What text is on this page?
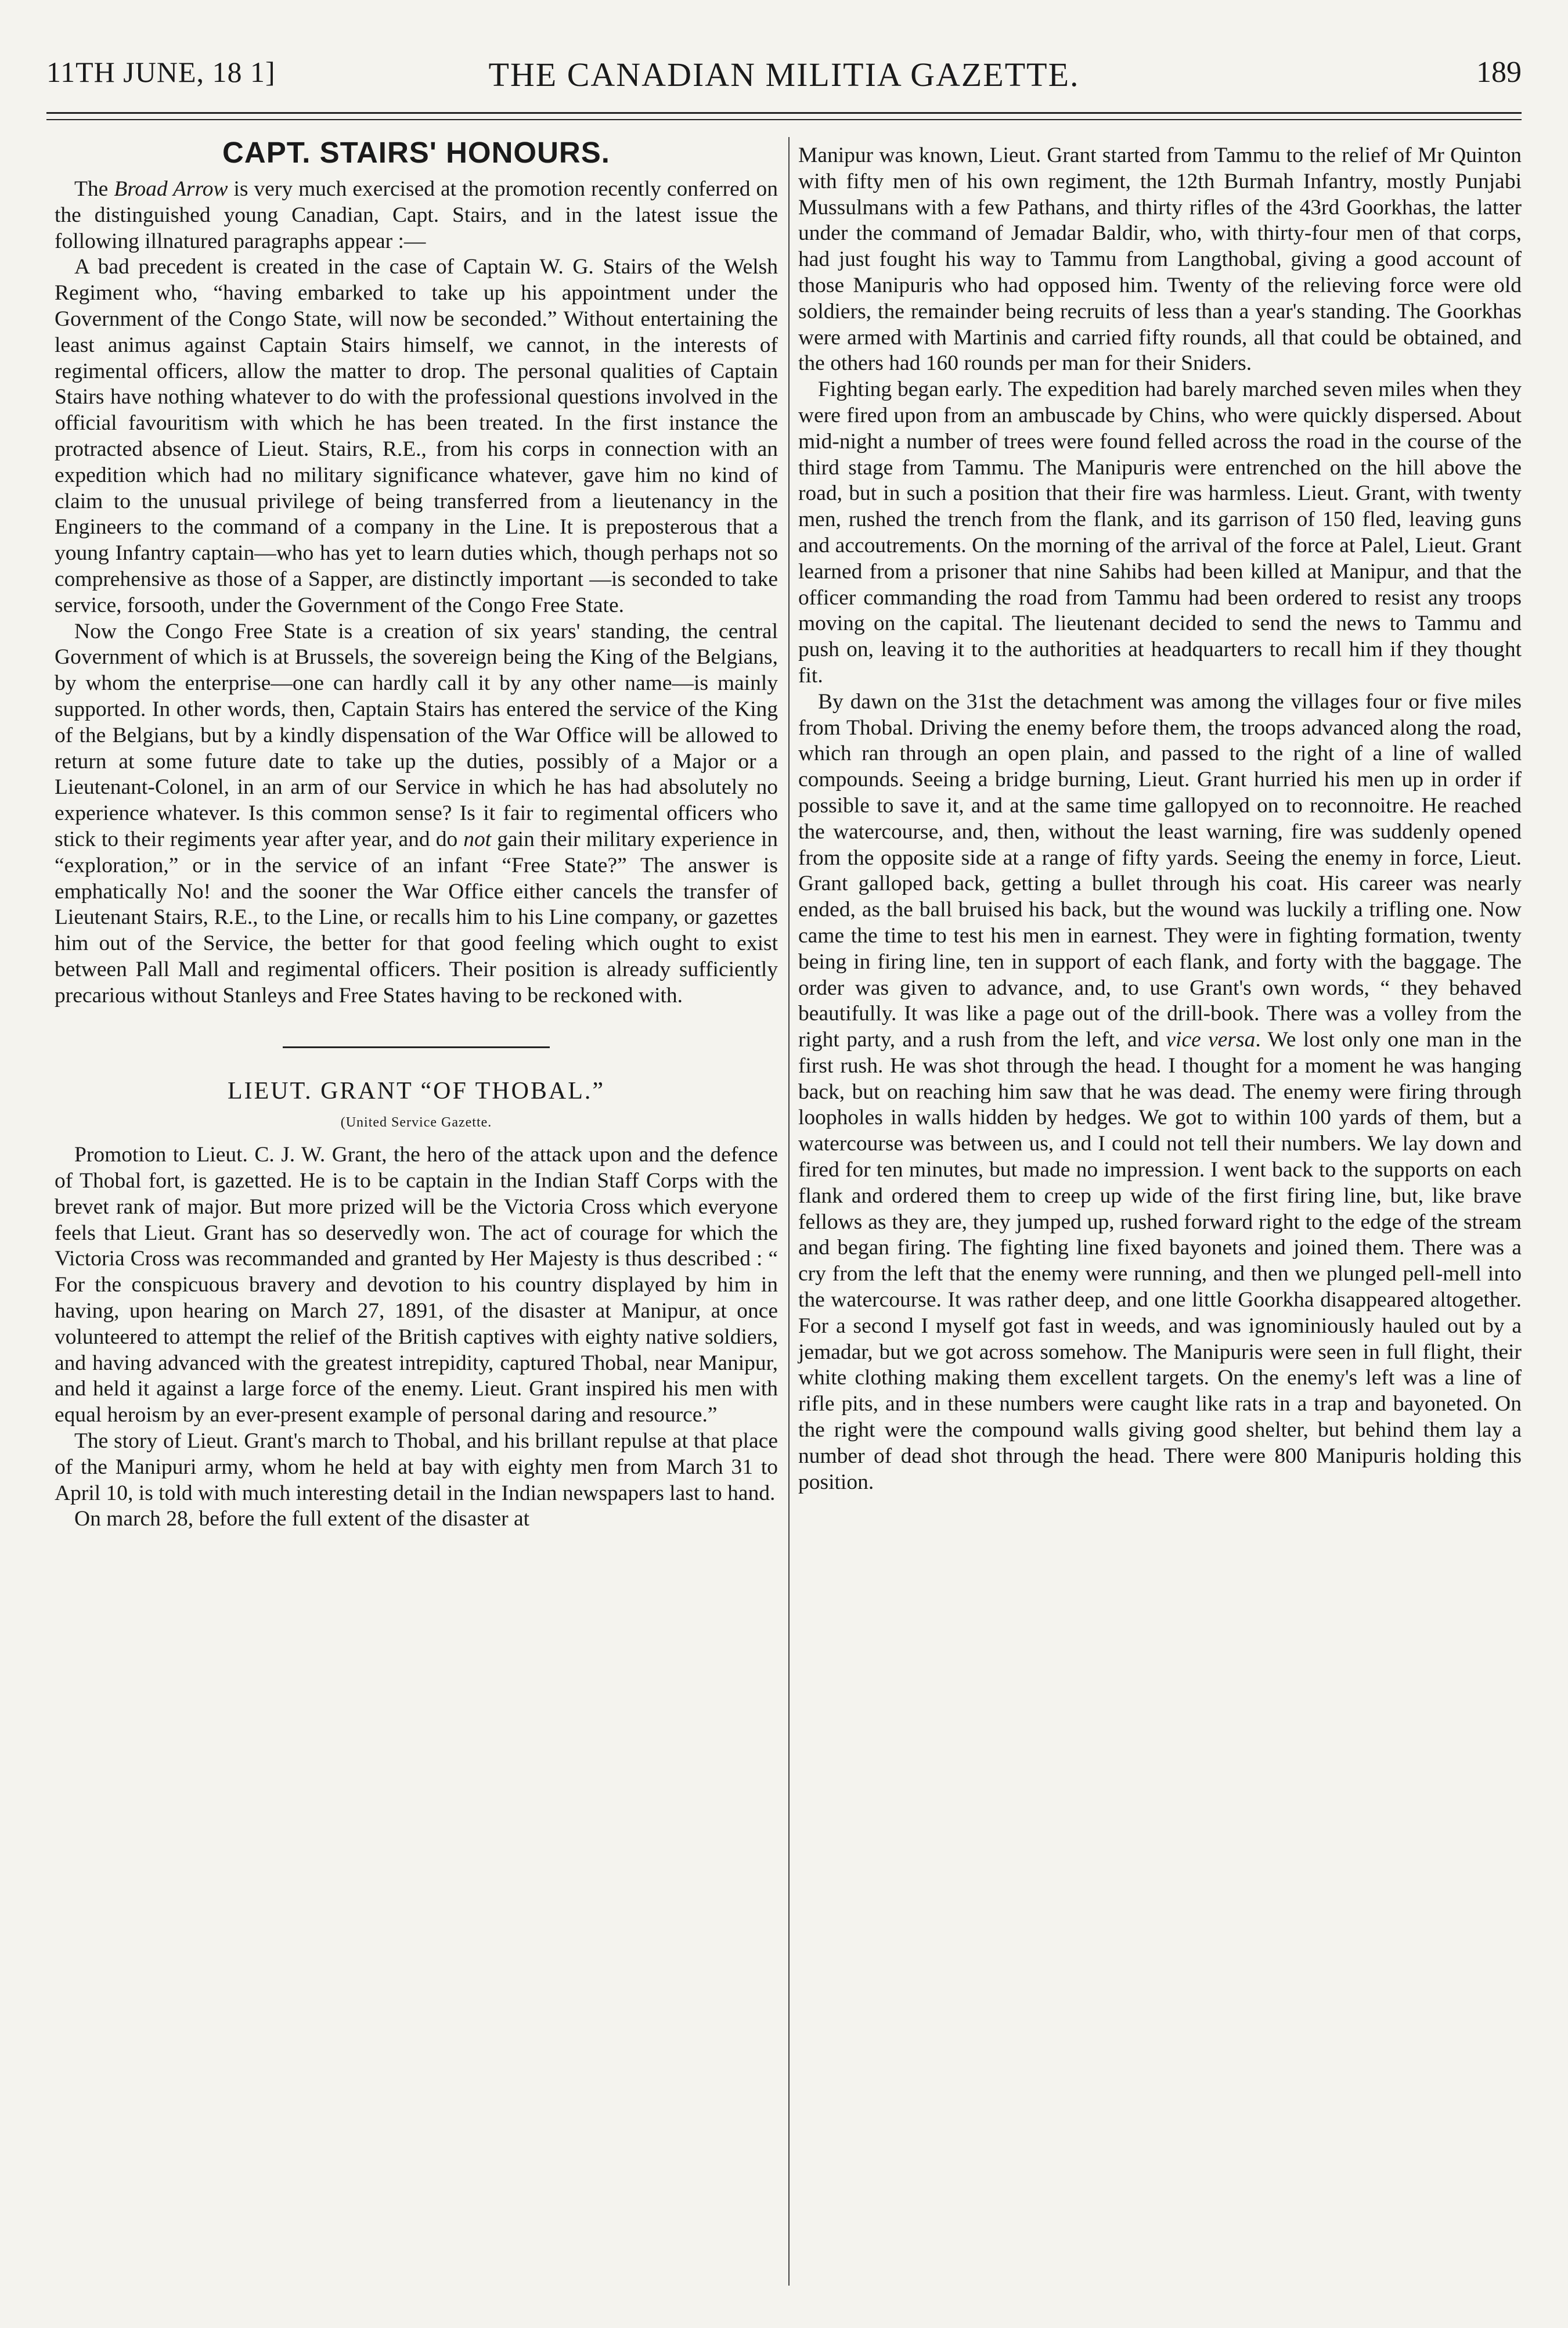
11TH JUNE, 18 1]	THE CANADIAN MILITIA GAZETTE.	189
CAPT. STAIRS' HONOURS.

The Broad Arrow is very much exercised at the promotion recently conferred on the distinguished young Canadian, Capt. Stairs, and in the latest issue the following illnatured paragraphs appear :—

A bad precedent is created in the case of Captain W. G. Stairs of the Welsh Regiment who, “having embarked to take up his appointment under the Government of the Congo State, will now be seconded.” Without entertaining the least animus against Captain Stairs himself, we cannot, in the interests of regimental officers, allow the matter to drop. The personal qualities of Captain Stairs have nothing whatever to do with the professional questions involved in the official favouritism with which he has been treated. In the first instance the protracted absence of Lieut. Stairs, R.E., from his corps in connection with an expedition which had no military significance whatever, gave him no kind of claim to the unusual privilege of being transferred from a lieutenancy in the Engineers to the command of a company in the Line. It is preposterous that a young Infantry captain—who has yet to learn duties which, though perhaps not so comprehensive as those of a Sapper, are distinctly important —is seconded to take service, forsooth, under the Government of the Congo Free State.

Now the Congo Free State is a creation of six years' standing, the central Government of which is at Brussels, the sovereign being the King of the Belgians, by whom the enterprise—one can hardly call it by any other name—is mainly supported. In other words, then, Captain Stairs has entered the service of the King of the Belgians, but by a kindly dispensation of the War Office will be allowed to return at some future date to take up the duties, possibly of a Major or a Lieutenant-Colonel, in an arm of our Service in which he has had absolutely no experience whatever. Is this common sense? Is it fair to regimental officers who stick to their regiments year after year, and do not gain their military experience in “exploration,” or in the service of an infant “Free State?” The answer is emphatically No! and the sooner the War Office either cancels the transfer of Lieutenant Stairs, R.E., to the Line, or recalls him to his Line company, or gazettes him out of the Service, the better for that good feeling which ought to exist between Pall Mall and regimental officers. Their position is already sufficiently precarious without Stanleys and Free States having to be reckoned with.

LIEUT. GRANT “OF THOBAL.”
(United Service Gazette.

Promotion to Lieut. C. J. W. Grant, the hero of the attack upon and the defence of Thobal fort, is gazetted. He is to be captain in the Indian Staff Corps with the brevet rank of major. But more prized will be the Victoria Cross which everyone feels that Lieut. Grant has so deservedly won. The act of courage for which the Victoria Cross was recommanded and granted by Her Majesty is thus described : “ For the conspicuous bravery and devotion to his country displayed by him in having, upon hearing on March 27, 1891, of the disaster at Manipur, at once volunteered to attempt the relief of the British captives with eighty native soldiers, and having advanced with the greatest intrepidity, captured Thobal, near Manipur, and held it against a large force of the enemy. Lieut. Grant inspired his men with equal heroism by an ever-present example of personal daring and resource.”

The story of Lieut. Grant's march to Thobal, and his brillant repulse at that place of the Manipuri army, whom he held at bay with eighty men from March 31 to April 10, is told with much interesting detail in the Indian newspapers last to hand.

On march 28, before the full extent of the disaster at

Manipur was known, Lieut. Grant started from Tammu to the relief of Mr Quinton with fifty men of his own regiment, the 12th Burmah Infantry, mostly Punjabi Mussulmans with a few Pathans, and thirty rifles of the 43rd Goorkhas, the latter under the command of Jemadar Baldir, who, with thirty-four men of that corps, had just fought his way to Tammu from Langthobal, giving a good account of those Manipuris who had opposed him. Twenty of the relieving force were old soldiers, the remainder being recruits of less than a year's standing. The Goorkhas were armed with Martinis and carried fifty rounds, all that could be obtained, and the others had 160 rounds per man for their Sniders.

Fighting began early. The expedition had barely marched seven miles when they were fired upon from an ambuscade by Chins, who were quickly dispersed. About mid-night a number of trees were found felled across the road in the course of the third stage from Tammu. The Manipuris were entrenched on the hill above the road, but in such a position that their fire was harmless. Lieut. Grant, with twenty men, rushed the trench from the flank, and its garrison of 150 fled, leaving guns and accoutrements. On the morning of the arrival of the force at Palel, Lieut. Grant learned from a prisoner that nine Sahibs had been killed at Manipur, and that the officer commanding the road from Tammu had been ordered to resist any troops moving on the capital. The lieutenant decided to send the news to Tammu and push on, leaving it to the authorities at headquarters to recall him if they thought fit.

By dawn on the 31st the detachment was among the villages four or five miles from Thobal. Driving the enemy before them, the troops advanced along the road, which ran through an open plain, and passed to the right of a line of walled compounds. Seeing a bridge burning, Lieut. Grant hurried his men up in order if possible to save it, and at the same time gallopyed on to reconnoitre. He reached the watercourse, and, then, without the least warning, fire was suddenly opened from the opposite side at a range of fifty yards. Seeing the enemy in force, Lieut. Grant galloped back, getting a bullet through his coat. His career was nearly ended, as the ball bruised his back, but the wound was luckily a trifling one. Now came the time to test his men in earnest. They were in fighting formation, twenty being in firing line, ten in support of each flank, and forty with the baggage. The order was given to advance, and, to use Grant's own words, “ they behaved beautifully. It was like a page out of the drill-book. There was a volley from the right party, and a rush from the left, and vice versa. We lost only one man in the first rush. He was shot through the head. I thought for a moment he was hanging back, but on reaching him saw that he was dead. The enemy were firing through loopholes in walls hidden by hedges. We got to within 100 yards of them, but a watercourse was between us, and I could not tell their numbers. We lay down and fired for ten minutes, but made no impression. I went back to the supports on each flank and ordered them to creep up wide of the first firing line, but, like brave fellows as they are, they jumped up, rushed forward right to the edge of the stream and began firing. The fighting line fixed bayonets and joined them. There was a cry from the left that the enemy were running, and then we plunged pell-mell into the watercourse. It was rather deep, and one little Goorkha disappeared altogether. For a second I myself got fast in weeds, and was ignominiously hauled out by a jemadar, but we got across somehow. The Manipuris were seen in full flight, their white clothing making them excellent targets. On the enemy's left was a line of rifle pits, and in these numbers were caught like rats in a trap and bayoneted. On the right were the compound walls giving good shelter, but behind them lay a number of dead shot through the head. There were 800 Manipuris holding this position.
